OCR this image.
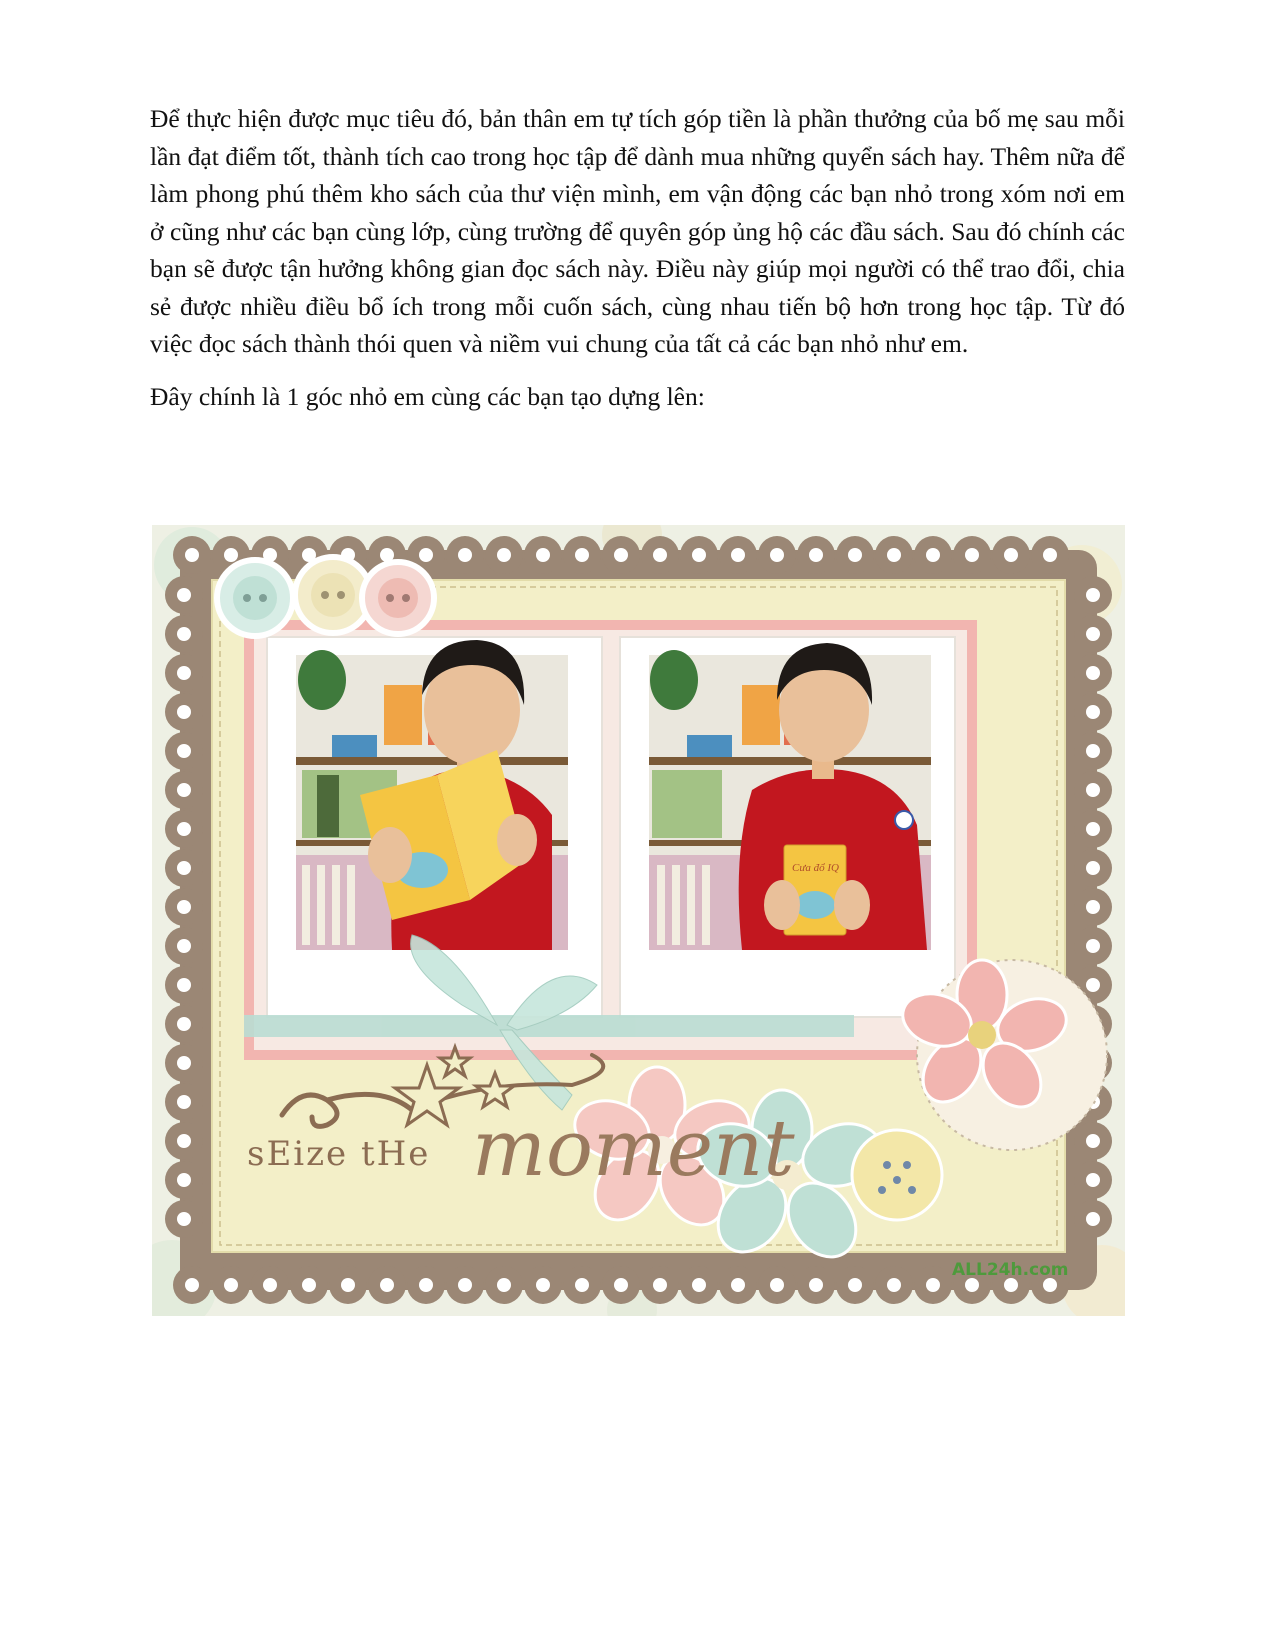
Để thực hiện được mục tiêu đó, bản thân em tự tích góp tiền là phần thưởng của bố mẹ sau mỗi lần đạt điểm tốt, thành tích cao trong học tập để dành mua những quyển sách hay. Thêm nữa để làm phong phú thêm kho sách của thư viện mình, em vận động các bạn nhỏ trong xóm nơi em ở cũng như các bạn cùng lớp, cùng trường để quyên góp ủng hộ các đầu sách. Sau đó chính các bạn sẽ được tận hưởng không gian đọc sách này. Điều này giúp mọi người có thể trao đổi, chia sẻ được nhiều điều bổ ích trong mỗi cuốn sách, cùng nhau tiến bộ hơn trong học tập. Từ đó việc đọc sách thành thói quen và niềm vui chung của tất cả các bạn nhỏ như em.

Đây chính là 1 góc nhỏ em cùng các bạn tạo dựng lên:

Cưa đổ IQ
sEize tHe moment
ALL24h.com
